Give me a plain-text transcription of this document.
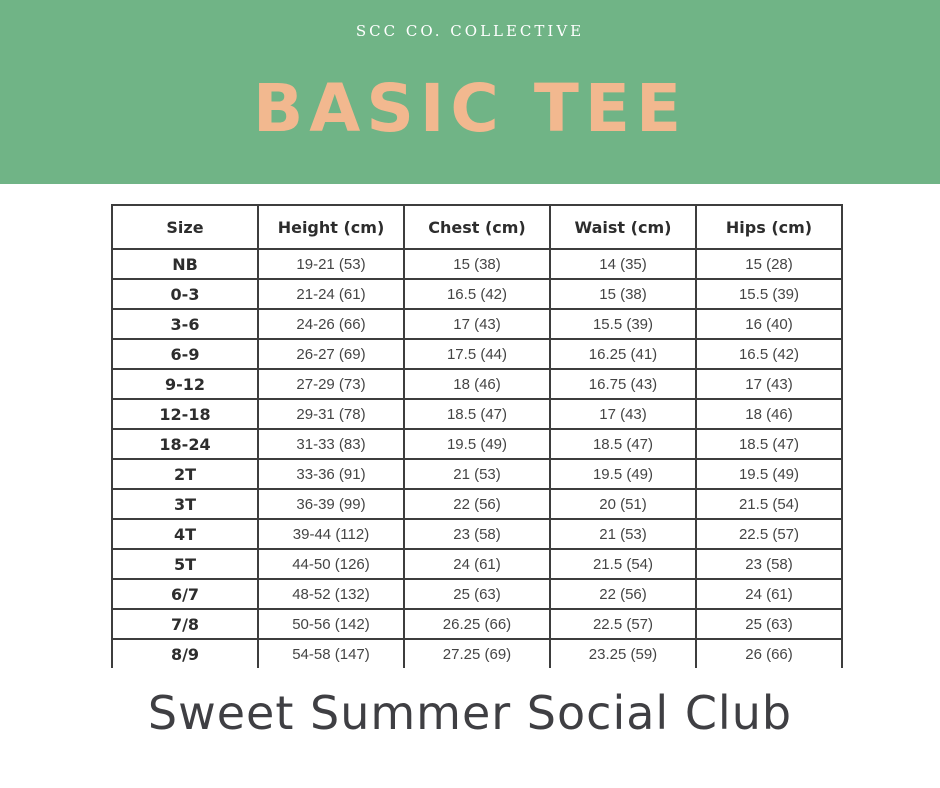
SCC CO. COLLECTIVE
BASIC TEE
Size	Height (cm)	Chest (cm)	Waist (cm)	Hips (cm)
NB	19-21 (53)	15 (38)	14 (35)	15 (28)
0-3	21-24 (61)	16.5 (42)	15 (38)	15.5 (39)
3-6	24-26 (66)	17 (43)	15.5 (39)	16 (40)
6-9	26-27 (69)	17.5 (44)	16.25 (41)	16.5 (42)
9-12	27-29 (73)	18 (46)	16.75 (43)	17 (43)
12-18	29-31 (78)	18.5 (47)	17 (43)	18 (46)
18-24	31-33 (83)	19.5 (49)	18.5 (47)	18.5 (47)
2T	33-36 (91)	21 (53)	19.5 (49)	19.5 (49)
3T	36-39 (99)	22 (56)	20 (51)	21.5 (54)
4T	39-44 (112)	23 (58)	21 (53)	22.5 (57)
5T	44-50 (126)	24 (61)	21.5 (54)	23 (58)
6/7	48-52 (132)	25 (63)	22 (56)	24 (61)
7/8	50-56 (142)	26.25 (66)	22.5 (57)	25 (63)
8/9	54-58 (147)	27.25 (69)	23.25 (59)	26 (66)
Sweet Summer Social Club
